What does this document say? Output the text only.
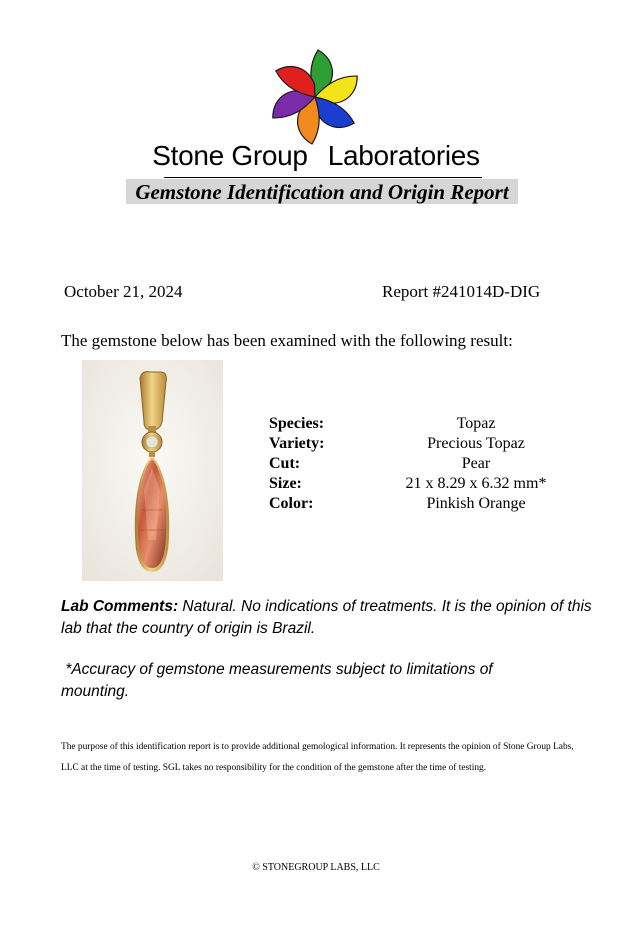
Stone Group Laboratories
Gemstone Identification and Origin Report
October 21, 2024	Report #241014D-DIG
The gemstone below has been examined with the following result:
Species:	Topaz
Variety:	Precious Topaz
Cut:	Pear
Size:	21 x 8.29 x 6.32 mm*
Color:	Pinkish Orange
Lab Comments: Natural. No indications of treatments. It is the opinion of this lab that the country of origin is Brazil.
*Accuracy of gemstone measurements subject to limitations of mounting.
The purpose of this identification report is to provide additional gemological information. It represents the opinion of Stone Group Labs, LLC at the time of testing. SGL takes no responsibility for the condition of the gemstone after the time of testing.
© STONEGROUP LABS, LLC
